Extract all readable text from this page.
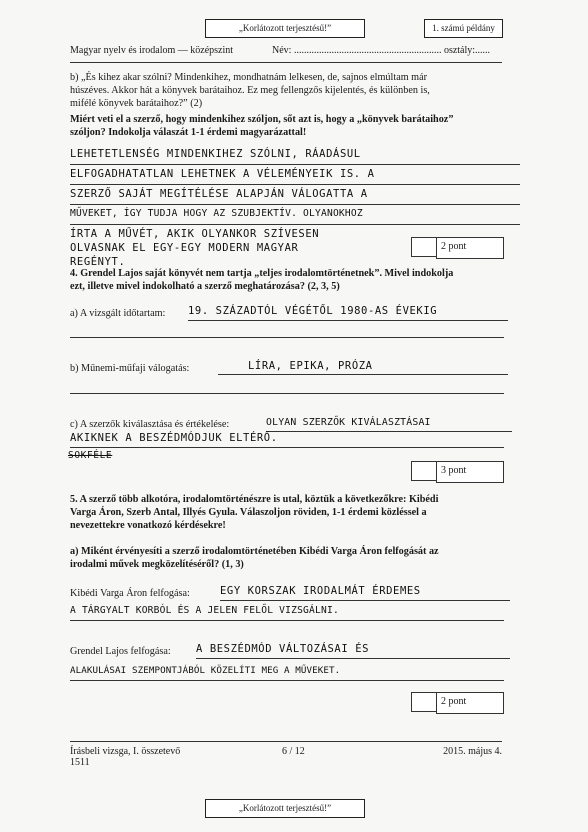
„Korlátozott terjesztésű!”	1. számú példány
Magyar nyelv és irodalom — középszint	Név: ........................................................... osztály:......
b) „És kihez akar szólni? Mindenkihez, mondhatnám lelkesen, de, sajnos elmúltam már
húszéves. Akkor hát a könyvek barátaihoz. Ez meg fellengzős kijelentés, és különben is,
mifélé könyvek barátaihoz?” (2)
Miért veti el a szerző, hogy mindenkihez szóljon, sőt azt is, hogy a „könyvek barátaihoz”
szóljon? Indokolja válaszát 1-1 érdemi magyarázattal!
LEHETETLENSÉG MINDENKIHEZ SZÓLNI, RÁADÁSUL
ELFOGADHATATLAN LEHETNEK A VÉLEMÉNYEIK IS. A
SZERZŐ SAJÁT MEGÍTÉLÉSE ALAPJÁN VÁLOGATTA A
MŰVEKET, ÍGY TUDJA HOGY AZ SZUBJEKTÍV. OLYANOKHOZ
ÍRTA A MŰVÉT, AKIK OLYANKOR SZÍVESEN
OLVASNAK EL EGY-EGY MODERN MAGYAR
REGÉNYT.
2 pont
4. Grendel Lajos saját könyvét nem tartja „teljes irodalomtörténetnek”. Mivel indokolja
ezt, illetve mivel indokolható a szerző meghatározása? (2, 3, 5)
a) A vizsgált időtartam: 19. SZÁZADTÓL VÉGÉTŐL 1980-AS ÉVEKIG
b) Műnemi-műfaji válogatás:	LÍRA, EPIKA, PRÓZA
c) A szerzők kiválasztása és értékelése:	OLYAN SZERZŐK KIVÁLASZTÁSAI
AKIKNEK A BESZÉDMÓDJUK ELTÉRŐ.
SOKFÉLE
3 pont
5. A szerző több alkotóra, irodalomtörténészre is utal, köztük a következőkre: Kibédi
Varga Áron, Szerb Antal, Illyés Gyula. Válaszoljon röviden, 1-1 érdemi közléssel a
nevezettekre vonatkozó kérdésekre!
a) Miként érvényesíti a szerző irodalomtörténetében Kibédi Varga Áron felfogását az
irodalmi művek megközelítéséről? (1, 3)
Kibédi Varga Áron felfogása:	EGY KORSZAK IRODALMÁT ÉRDEMES
A TÁRGYALT KORBÓL ÉS A JELEN FELŐL VIZSGÁLNI.
Grendel Lajos felfogása: A BESZÉDMÓD VÁLTOZÁSAI ÉS
ALAKULÁSAI SZEMPONTJÁBÓL KÖZELÍTI MEG A MŰVEKET.
2 pont
Írásbeli vizsga, I. összetevő
1511
6 / 12	2015. május 4.
„Korlátozott terjesztésű!”
